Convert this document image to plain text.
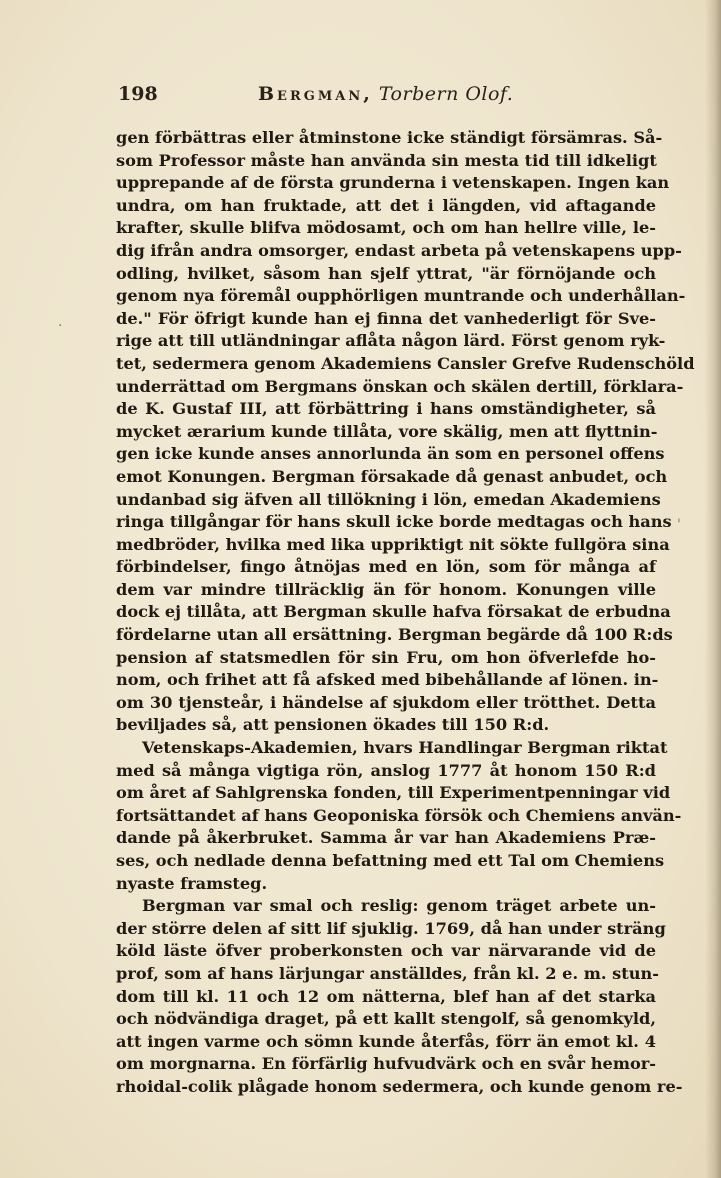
198	Bergman, Torbern Olof.
·
'
gen förbättras eller åtminstone icke ständigt försämras. Så-
som Professor måste han använda sin mesta tid till idkeligt
upprepande af de första grunderna i vetenskapen. Ingen kan
undra, om han fruktade, att det i längden, vid aftagande
krafter, skulle blifva mödosamt, och om han hellre ville, le-
dig ifrån andra omsorger, endast arbeta på vetenskapens upp-
odling, hvilket, såsom han sjelf yttrat, "är förnöjande och
genom nya föremål oupphörligen muntrande och underhållan-
de." För öfrigt kunde han ej finna det vanhederligt för Sve-
rige att till utländningar aflåta någon lärd. Först genom ryk-
tet, sedermera genom Akademiens Cansler Grefve Rudenschöld
underrättad om Bergmans önskan och skälen dertill, förklara-
de K. Gustaf III, att förbättring i hans omständigheter, så
mycket ærarium kunde tillåta, vore skälig, men att flyttnin-
gen icke kunde anses annorlunda än som en personel offens
emot Konungen. Bergman försakade då genast anbudet, och
undanbad sig äfven all tillökning i lön, emedan Akademiens
ringa tillgångar för hans skull icke borde medtagas och hans
medbröder, hvilka med lika uppriktigt nit sökte fullgöra sina
förbindelser, fingo åtnöjas med en lön, som för många af
dem var mindre tillräcklig än för honom. Konungen ville
dock ej tillåta, att Bergman skulle hafva försakat de erbudna
fördelarne utan all ersättning. Bergman begärde då 100 R:ds
pension af statsmedlen för sin Fru, om hon öfverlefde ho-
nom, och frihet att få afsked med bibehållande af lönen. in-
om 30 tjensteår, i händelse af sjukdom eller trötthet. Detta
beviljades så, att pensionen ökades till 150 R:d.
Vetenskaps-Akademien, hvars Handlingar Bergman riktat
med så många vigtiga rön, anslog 1777 åt honom 150 R:d
om året af Sahlgrenska fonden, till Experimentpenningar vid
fortsättandet af hans Geoponiska försök och Chemiens använ-
dande på åkerbruket. Samma år var han Akademiens Præ-
ses, och nedlade denna befattning med ett Tal om Chemiens
nyaste framsteg.
Bergman var smal och reslig: genom träget arbete un-
der större delen af sitt lif sjuklig. 1769, då han under sträng
köld läste öfver proberkonsten och var närvarande vid de
prof, som af hans lärjungar anställdes, från kl. 2 e. m. stun-
dom till kl. 11 och 12 om nätterna, blef han af det starka
och nödvändiga draget, på ett kallt stengolf, så genomkyld,
att ingen varme och sömn kunde återfås, förr än emot kl. 4
om morgnarna. En förfärlig hufvudvärk och en svår hemor-
rhoidal-colik plågade honom sedermera, och kunde genom re-
